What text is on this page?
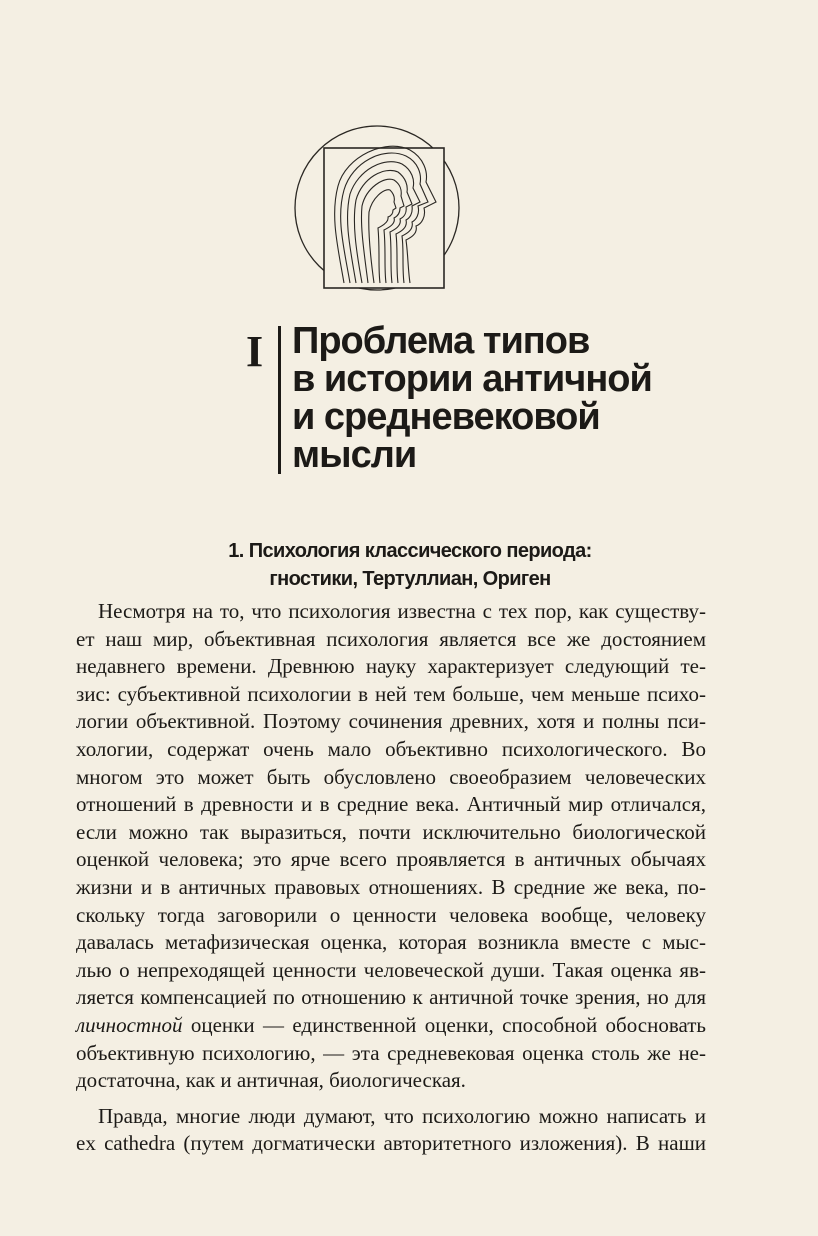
I Проблема типов
в истории античной
и средневековой
мысли
1. Психология классического периода:
гностики, Тертуллиан, Ориген
Несмотря на то, что психология известна с тех пор, как существу-
ет наш мир, объективная психология является все же достоянием
недавнего времени. Древнюю науку характеризует следующий те-
зис: субъективной психологии в ней тем больше, чем меньше психо-
логии объективной. Поэтому сочинения древних, хотя и полны пси-
хологии, содержат очень мало объективно психологического. Во
многом это может быть обусловлено своеобразием человеческих
отношений в древности и в средние века. Античный мир отличался,
если можно так выразиться, почти исключительно биологической
оценкой человека; это ярче всего проявляется в античных обычаях
жизни и в античных правовых отношениях. В средние же века, по-
скольку тогда заговорили о ценности человека вообще, человеку
давалась метафизическая оценка, которая возникла вместе с мыс-
лью о непреходящей ценности человеческой души. Такая оценка яв-
ляется компенсацией по отношению к античной точке зрения, но для
личностной оценки — единственной оценки, способной обосновать
объективную психологию, — эта средневековая оценка столь же не-
достаточна, как и античная, биологическая.
Правда, многие люди думают, что психологию можно написать и
ex cathedra (путем догматически авторитетного изложения). В наши
